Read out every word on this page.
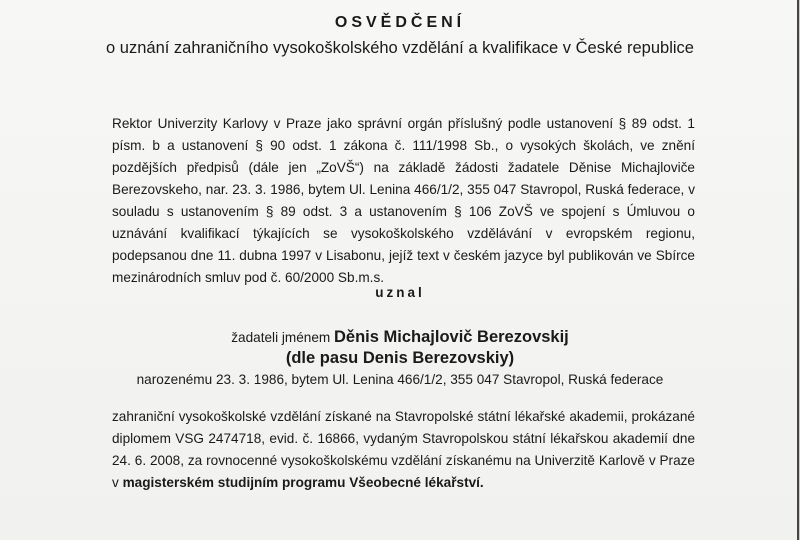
OSVĚDČENÍ
o uznání zahraničního vysokoškolského vzdělání a kvalifikace v České republice
Rektor Univerzity Karlovy v Praze jako správní orgán příslušný podle ustanovení § 89 odst. 1 písm. b a ustanovení § 90 odst. 1 zákona č. 111/1998 Sb., o vysokých školách, ve znění pozdějších předpisů (dále jen „ZoVŠ“) na základě žádosti žadatele Děnise Michajloviče Berezovskeho, nar. 23. 3. 1986, bytem Ul. Lenina 466/1/2, 355 047 Stavropol, Ruská federace, v souladu s ustanovením § 89 odst. 3 a ustanovením § 106 ZoVŠ ve spojení s Úmluvou o uznávání kvalifikací týkajících se vysokoškolského vzdělávání v evropském regionu, podepsanou dne 11. dubna 1997 v Lisabonu, jejíž text v českém jazyce byl publikován ve Sbírce mezinárodních smluv pod č. 60/2000 Sb.m.s.
uznal
žadateli jménem Děnis Michajlovič Berezovskij
(dle pasu Denis Berezovskiy)
narozenému 23. 3. 1986, bytem Ul. Lenina 466/1/2, 355 047 Stavropol, Ruská federace
zahraniční vysokoškolské vzdělání získané na Stavropolské státní lékařské akademii, prokázané diplomem VSG 2474718, evid. č. 16866, vydaným Stavropolskou státní lékařskou akademií dne 24. 6. 2008, za rovnocenné vysokoškolskému vzdělání získanému na Univerzitě Karlově v Praze v magisterském studijním programu Všeobecné lékařství.
